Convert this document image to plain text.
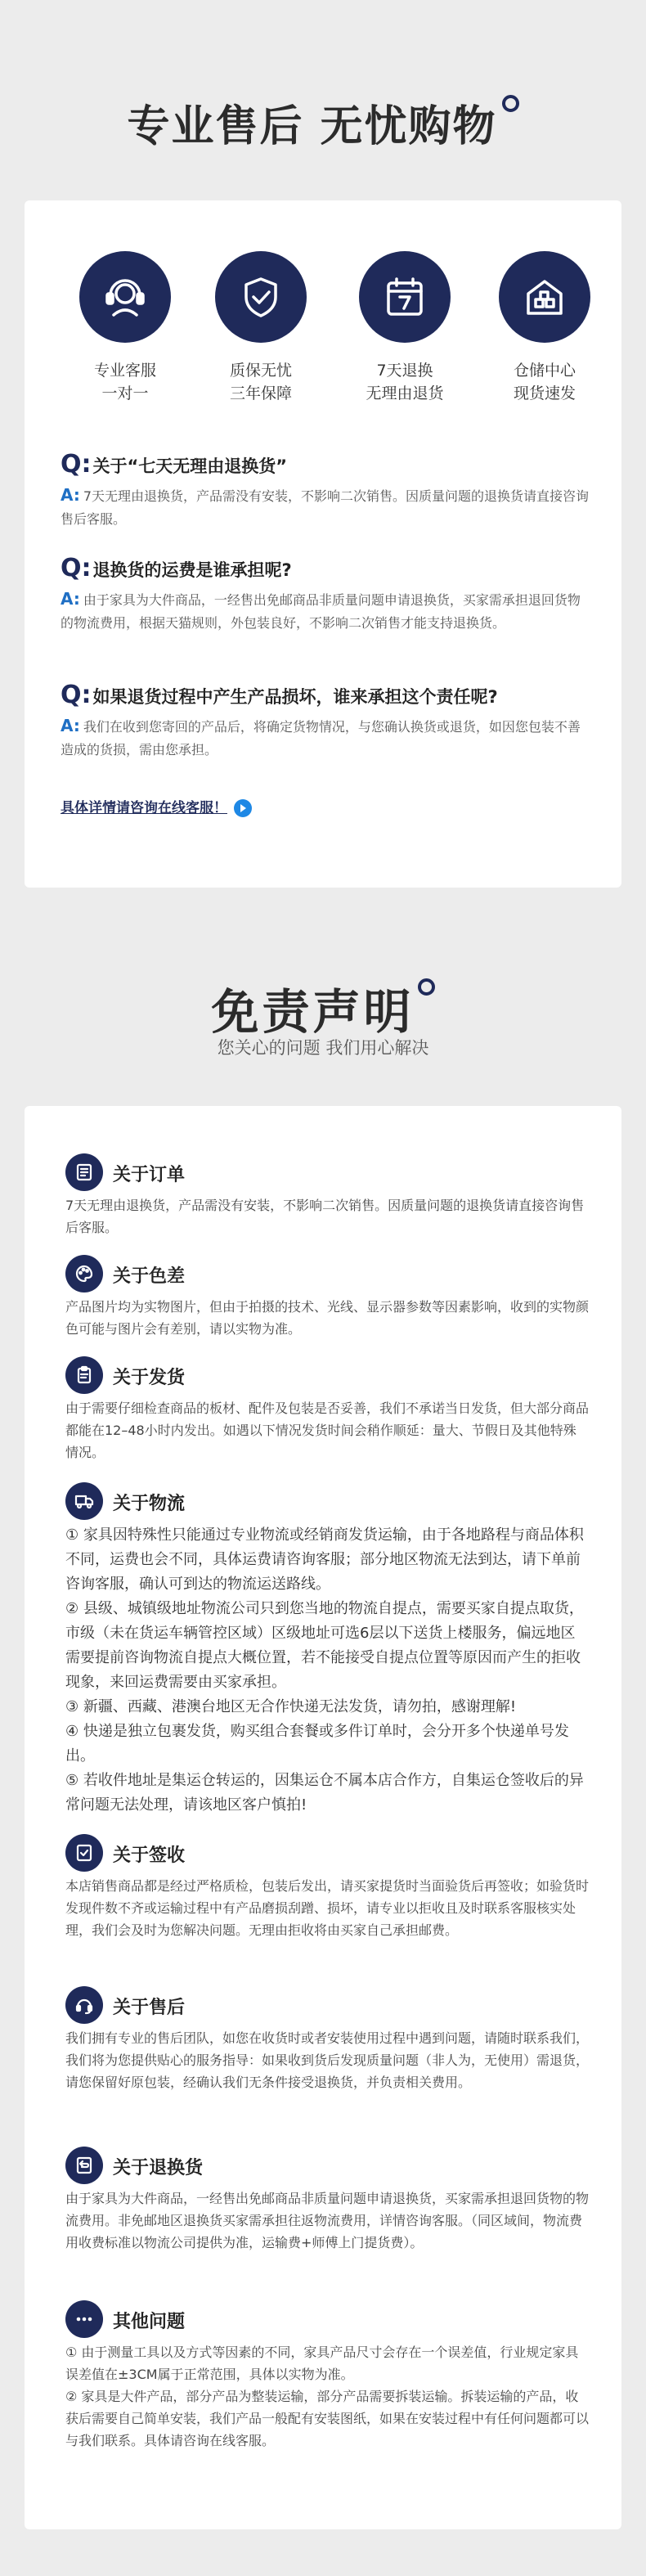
专业售后 无忧购物
专业客服
一对一
质保无忧
三年保障
7天退换
无理由退货
仓储中心
现货速发
Q:关于“七天无理由退换货”
A: 7天无理由退换货，产品需没有安装，不影响二次销售。因质量问题的退换货请直接咨询售后客服。
Q:退换货的运费是谁承担呢?
A: 由于家具为大件商品，一经售出免邮商品非质量问题申请退换货，买家需承担退回货物的物流费用，根据天猫规则，外包装良好，不影响二次销售才能支持退换货。
Q:如果退货过程中产生产品损坏，谁来承担这个责任呢?
A: 我们在收到您寄回的产品后，将确定货物情况，与您确认换货或退货，如因您包装不善造成的货损，需由您承担。
具体详情请咨询在线客服！
免责声明
您关心的问题 我们用心解决
关于订单

7天无理由退换货，产品需没有安装，不影响二次销售。因质量问题的退换货请直接咨询售后客服。

关于色差

产品图片均为实物图片，但由于拍摄的技术、光线、显示器参数等因素影响，收到的实物颜色可能与图片会有差别，请以实物为准。

关于发货

由于需要仔细检查商品的板材、配件及包装是否妥善，我们不承诺当日发货，但大部分商品都能在12–48小时内发出。如遇以下情况发货时间会稍作顺延：量大、节假日及其他特殊情况。

关于物流

① 家具因特殊性只能通过专业物流或经销商发货运输，由于各地路程与商品体积不同，运费也会不同，具体运费请咨询客服；部分地区物流无法到达，请下单前咨询客服，确认可到达的物流运送路线。

② 县级、城镇级地址物流公司只到您当地的物流自提点，需要买家自提点取货，市级（未在货运车辆管控区域）区级地址可选6层以下送货上楼服务，偏远地区需要提前咨询物流自提点大概位置，若不能接受自提点位置等原因而产生的拒收现象，来回运费需要由买家承担。

③ 新疆、西藏、港澳台地区无合作快递无法发货，请勿拍，感谢理解!

④ 快递是独立包裹发货，购买组合套餐或多件订单时，会分开多个快递单号发出。

⑤ 若收件地址是集运仓转运的，因集运仓不属本店合作方，自集运仓签收后的异常问题无法处理，请该地区客户慎拍!

关于签收

本店销售商品都是经过严格质检，包装后发出，请买家提货时当面验货后再签收；如验货时发现件数不齐或运输过程中有产品磨损刮蹭、损坏，请专业以拒收且及时联系客服核实处理，我们会及时为您解决问题。无理由拒收将由买家自己承担邮费。

关于售后

我们拥有专业的售后团队，如您在收货时或者安装使用过程中遇到问题，请随时联系我们，我们将为您提供贴心的服务指导：如果收到货后发现质量问题（非人为，无使用）需退货，请您保留好原包装，经确认我们无条件接受退换货，并负责相关费用。

关于退换货

由于家具为大件商品，一经售出免邮商品非质量问题申请退换货，买家需承担退回货物的物流费用。非免邮地区退换货买家需承担往返物流费用，详情咨询客服。（同区域间，物流费用收费标准以物流公司提供为准，运输费+师傅上门提货费）。

其他问题

① 由于测量工具以及方式等因素的不同，家具产品尺寸会存在一个误差值，行业规定家具误差值在±3CM属于正常范围，具体以实物为准。

② 家具是大件产品，部分产品为整装运输，部分产品需要拆装运输。拆装运输的产品，收获后需要自己简单安装，我们产品一般配有安装图纸，如果在安装过程中有任何问题都可以与我们联系。具体请咨询在线客服。
